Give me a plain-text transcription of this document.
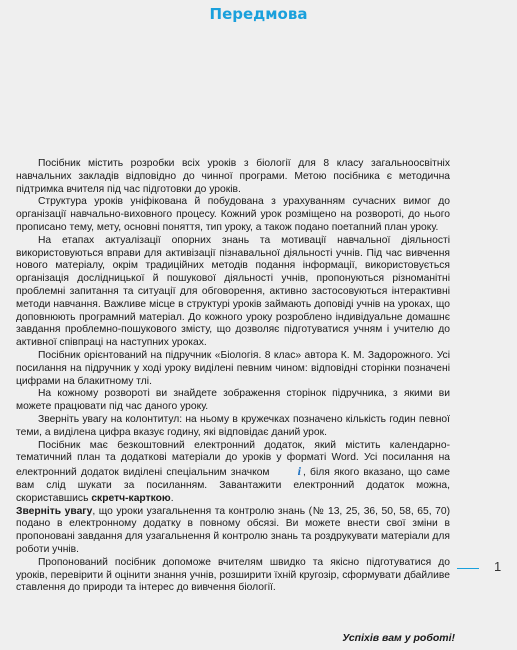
Передмова

Посібник містить розробки всіх уроків з біології для 8 класу загальноосвітніх навчальних закладів відповідно до чинної програми. Метою посібника є методична підтримка вчителя під час підготовки до уроків.

Структура уроків уніфікована й побудована з урахуванням сучасних вимог до організації навчально-виховного процесу. Кожний урок розміщено на розвороті, до нього прописано тему, мету, основні поняття, тип уроку, а також подано поетапний план уроку.

На етапах актуалізації опорних знань та мотивації навчальної діяльності використовуються вправи для активізації пізнавальної діяльності учнів. Під час вивчення нового матеріалу, окрім традиційних методів подання інформації, використовується організація дослідницької й пошукової діяльності учнів, пропонуються різноманітні проблемні запитання та ситуації для обговорення, активно застосовуються інтерактивні методи навчання. Важливе місце в структурі уроків займають доповіді учнів на уроках, що доповнюють програмний матеріал. До кожного уроку розроблено індивідуальне домашнє завдання проблемно-пошукового змісту, що дозволяє підготуватися учням і учителю до активної співпраці на наступних уроках.

Посібник орієнтований на підручник «Біологія. 8 клас» автора К. М. Задорожного. Усі посилання на підручник у ході уроку виділені певним чином: відповідні сторінки позначені цифрами на блакитному тлі.

На кожному розвороті ви знайдете зображення сторінок підручника, з якими ви можете працювати під час даного уроку.

Зверніть увагу на колонтитул: на ньому в кружечках позначено кількість годин певної теми, а виділена цифра вказує годину, які відповідає даний урок.

Посібник має безкоштовний електронний додаток, який містить календарно-тематичний план та додаткові матеріали до уроків у форматі Word. Усі посилання на електронний додаток виділені спеціальним значком i , біля якого вказано, що саме вам слід шукати за посиланням. Завантажити електронний додаток можна, скориставшись скретч-карткою.

Зверніть увагу, що уроки узагальнення та контролю знань (№ 13, 25, 36, 50, 58, 65, 70) подано в електронному додатку в повному обсязі. Ви можете внести свої зміни в пропоновані завдання для узагальнення й контролю знань та роздрукувати матеріали для роботи учнів.

Пропонований посібник допоможе вчителям швидко та якісно підготуватися до уроків, перевірити й оцінити знання учнів, розширити їхній кругозір, сформувати дбайливе ставлення до природи та інтерес до вивчення біології.

Успіхів вам у роботі!
1
